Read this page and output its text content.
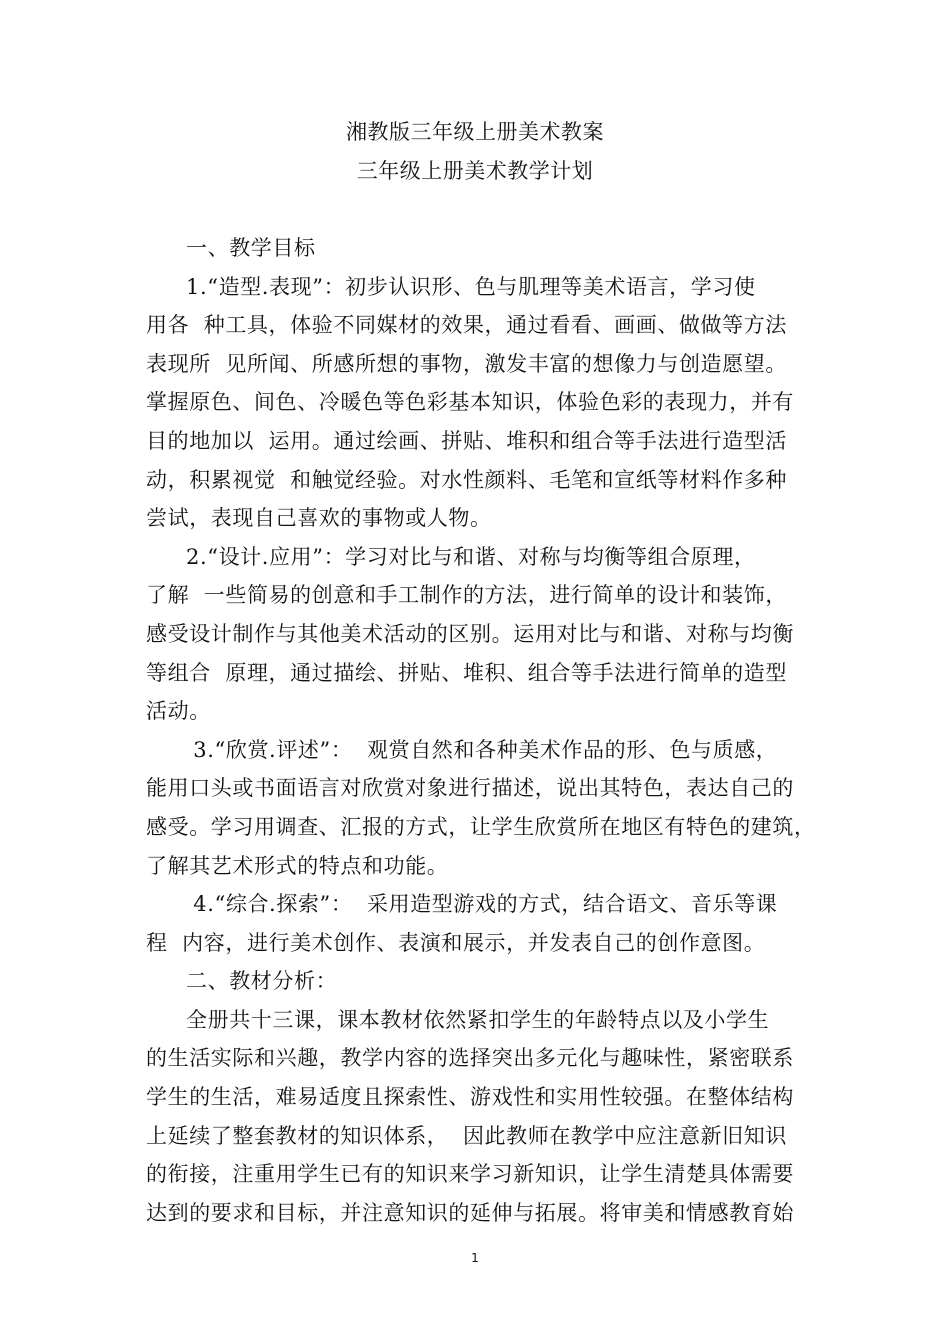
湘教版三年级上册美术教案
三年级上册美术教学计划
一、教学目标
1.“造型.表现”：初步认识形、色与肌理等美术语言，学习使
用各  种工具，体验不同媒材的效果，通过看看、画画、做做等方法
表现所  见所闻、所感所想的事物，激发丰富的想像力与创造愿望。
掌握原色、间色、冷暖色等色彩基本知识，体验色彩的表现力，并有
目的地加以  运用。通过绘画、拼贴、堆积和组合等手法进行造型活
动，积累视觉  和触觉经验。对水性颜料、毛笔和宣纸等材料作多种
尝试，表现自己喜欢的事物或人物。
2.“设计.应用”：学习对比与和谐、对称与均衡等组合原理，
了解  一些简易的创意和手工制作的方法，进行简单的设计和装饰，
感受设计制作与其他美术活动的区别。运用对比与和谐、对称与均衡
等组合  原理，通过描绘、拼贴、堆积、组合等手法进行简单的造型
活动。
3.“欣赏.评述”：  观赏自然和各种美术作品的形、色与质感，
能用口头或书面语言对欣赏对象进行描述，说出其特色，表达自己的
感受。学习用调查、汇报的方式，让学生欣赏所在地区有特色的建筑，
了解其艺术形式的特点和功能。
4.“综合.探索”：  采用造型游戏的方式，结合语文、音乐等课
程  内容，进行美术创作、表演和展示，并发表自己的创作意图。
二、教材分析：
全册共十三课，课本教材依然紧扣学生的年龄特点以及小学生
的生活实际和兴趣，教学内容的选择突出多元化与趣味性，紧密联系
学生的生活，难易适度且探索性、游戏性和实用性较强。在整体结构
上延续了整套教材的知识体系，  因此教师在教学中应注意新旧知识
的衔接，注重用学生已有的知识来学习新知识，让学生清楚具体需要
达到的要求和目标，并注意知识的延伸与拓展。将审美和情感教育始
1
